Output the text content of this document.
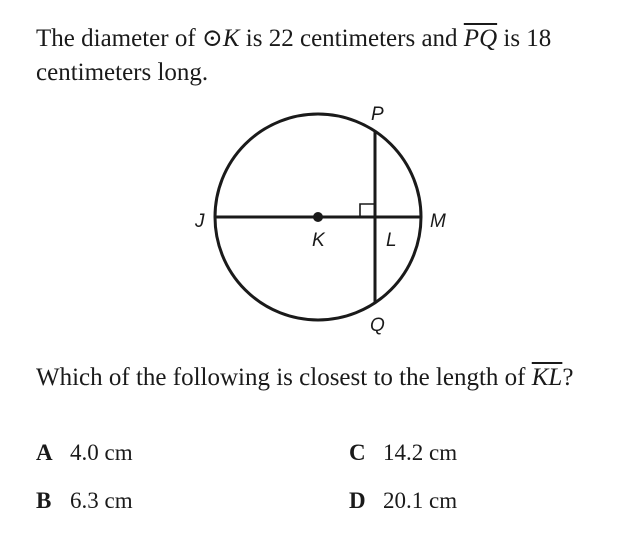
The diameter of ⊙K is 22 centimeters and $\overline{PQ}$ is 18 centimeters long.
P
Q
J	M
K	L
Which of the following is closest to the length of $\overline{KL}$?
A 4.0 cm
B 6.3 cm
C 14.2 cm
D 20.1 cm
